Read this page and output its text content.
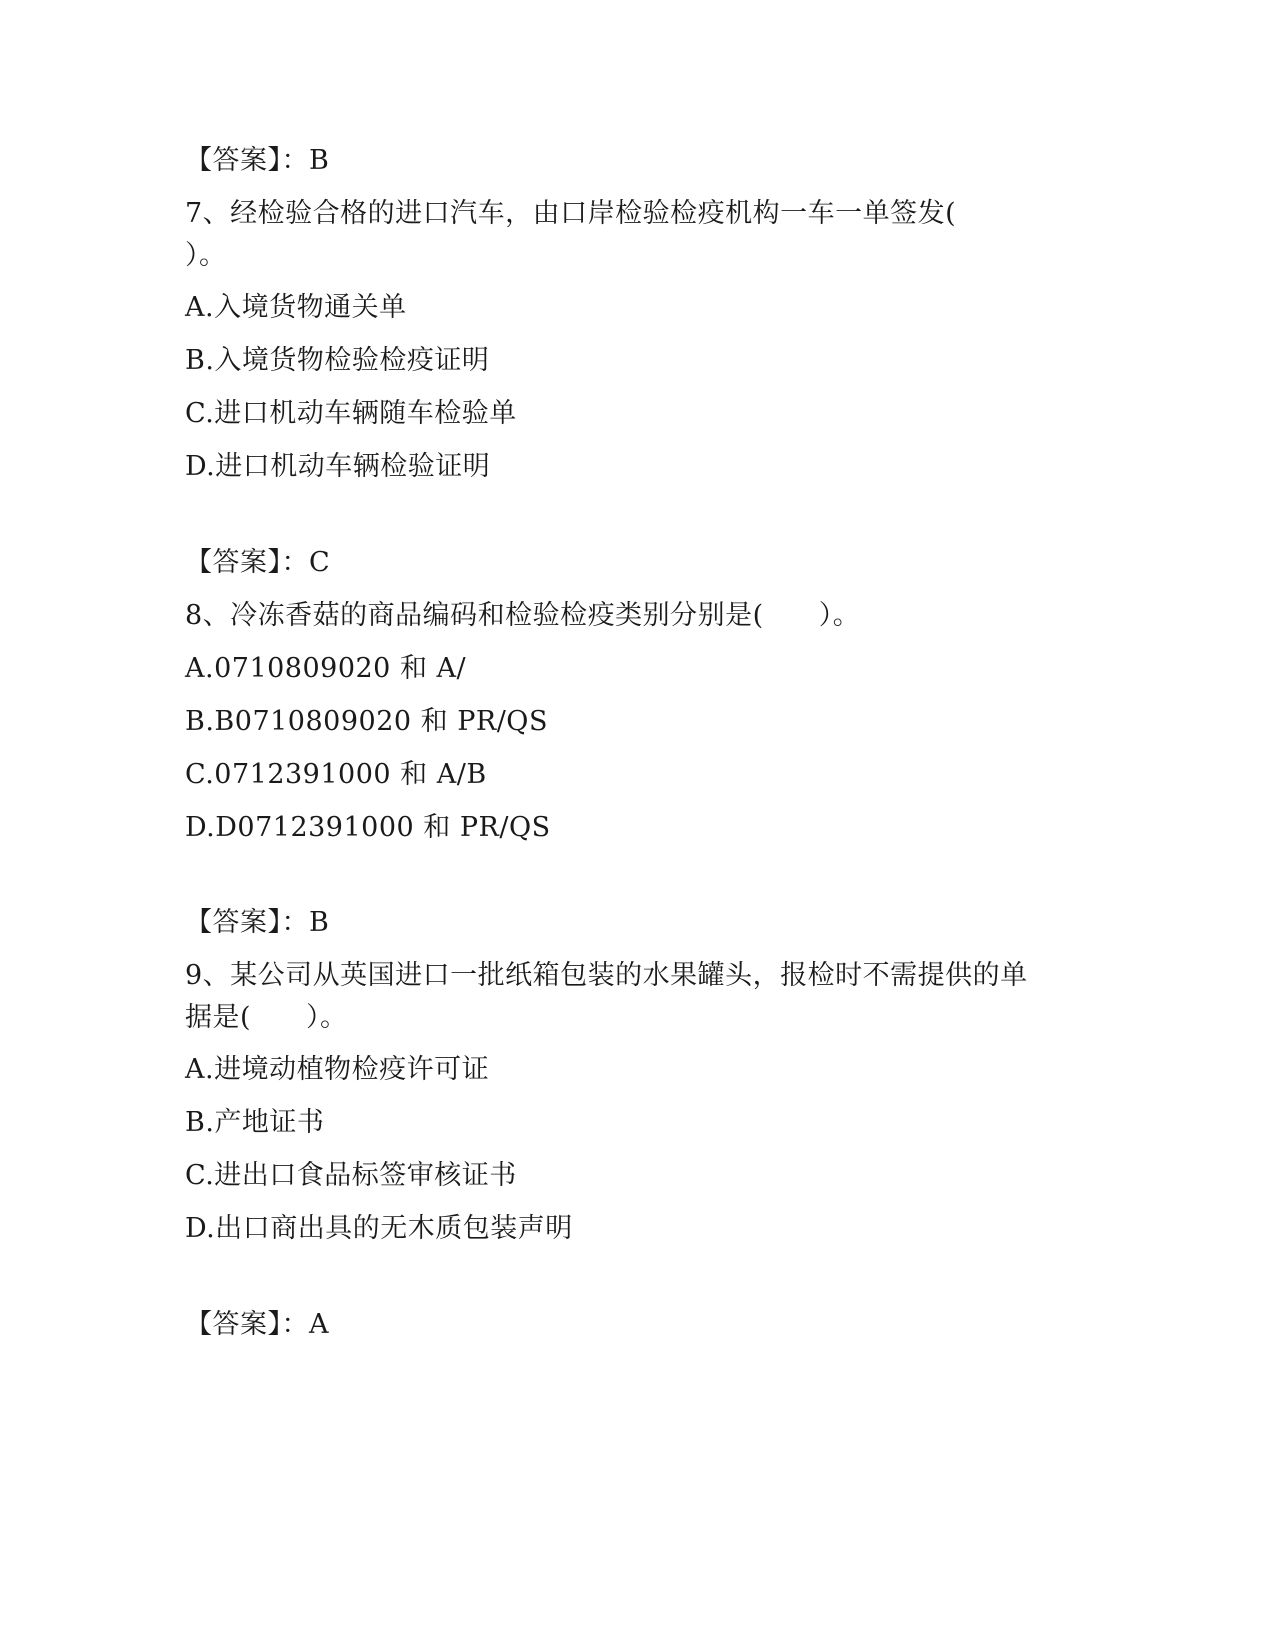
【答案】：B
7、经检验合格的进口汽车，由口岸检验检疫机构一车一单签发(
）。
A.入境货物通关单
B.入境货物检验检疫证明
C.进口机动车辆随车检验单
D.进口机动车辆检验证明
【答案】：C
8、冷冻香菇的商品编码和检验检疫类别分别是(　　）。
A.0710809020 和 A/
B.B0710809020 和 PR/QS
C.0712391000 和 A/B
D.D0712391000 和 PR/QS
【答案】：B
9、某公司从英国进口一批纸箱包装的水果罐头，报检时不需提供的单
据是(　　）。
A.进境动植物检疫许可证
B.产地证书
C.进出口食品标签审核证书
D.出口商出具的无木质包装声明
【答案】：A
